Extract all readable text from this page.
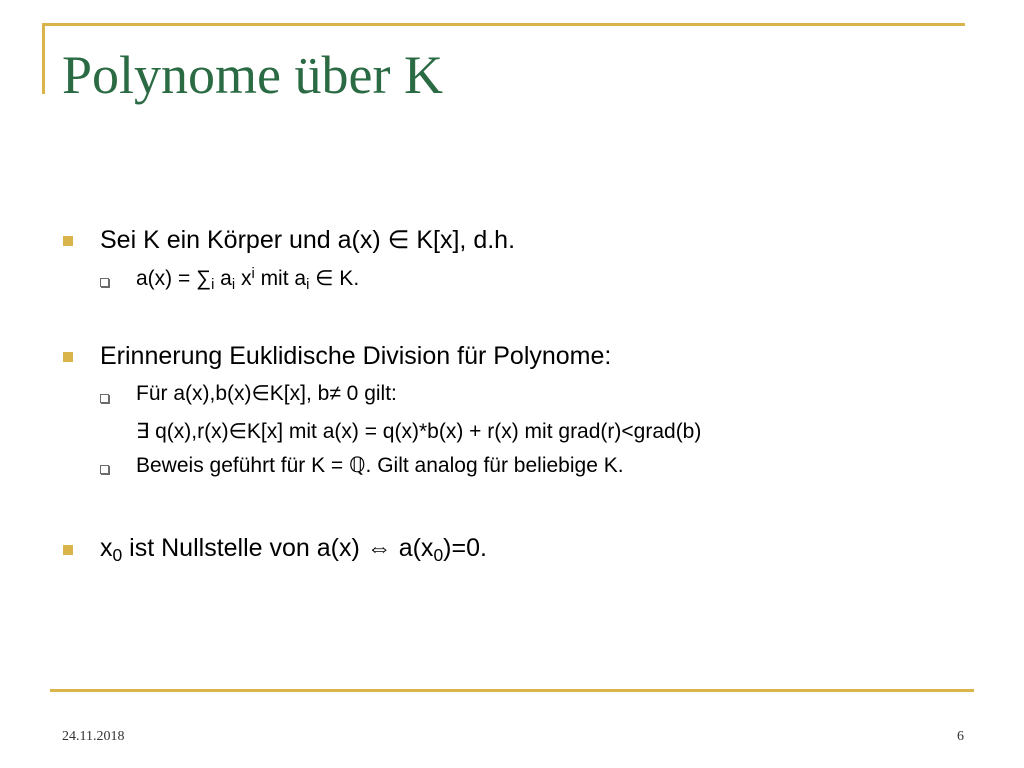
Polynome über K
Sei K ein Körper und a(x) ∈ K[x], d.h.
$a(x) = \sum_i$ $a_i$ $x^i$ mit $a_i$ ∈ K.
Erinnerung Euklidische Division für Polynome:
Für a(x),b(x)∈K[x], b≠ 0 gilt:
∃ q(x),r(x)∈K[x] mit a(x) = q(x)*b(x) + r(x) mit grad(r)<grad(b)
Beweis geführt für K = ℚ. Gilt analog für beliebige K.
$x_0$ ist Nullstelle von a(x) ⇔ $a(x_0)=0$.
24.11.2018	6
